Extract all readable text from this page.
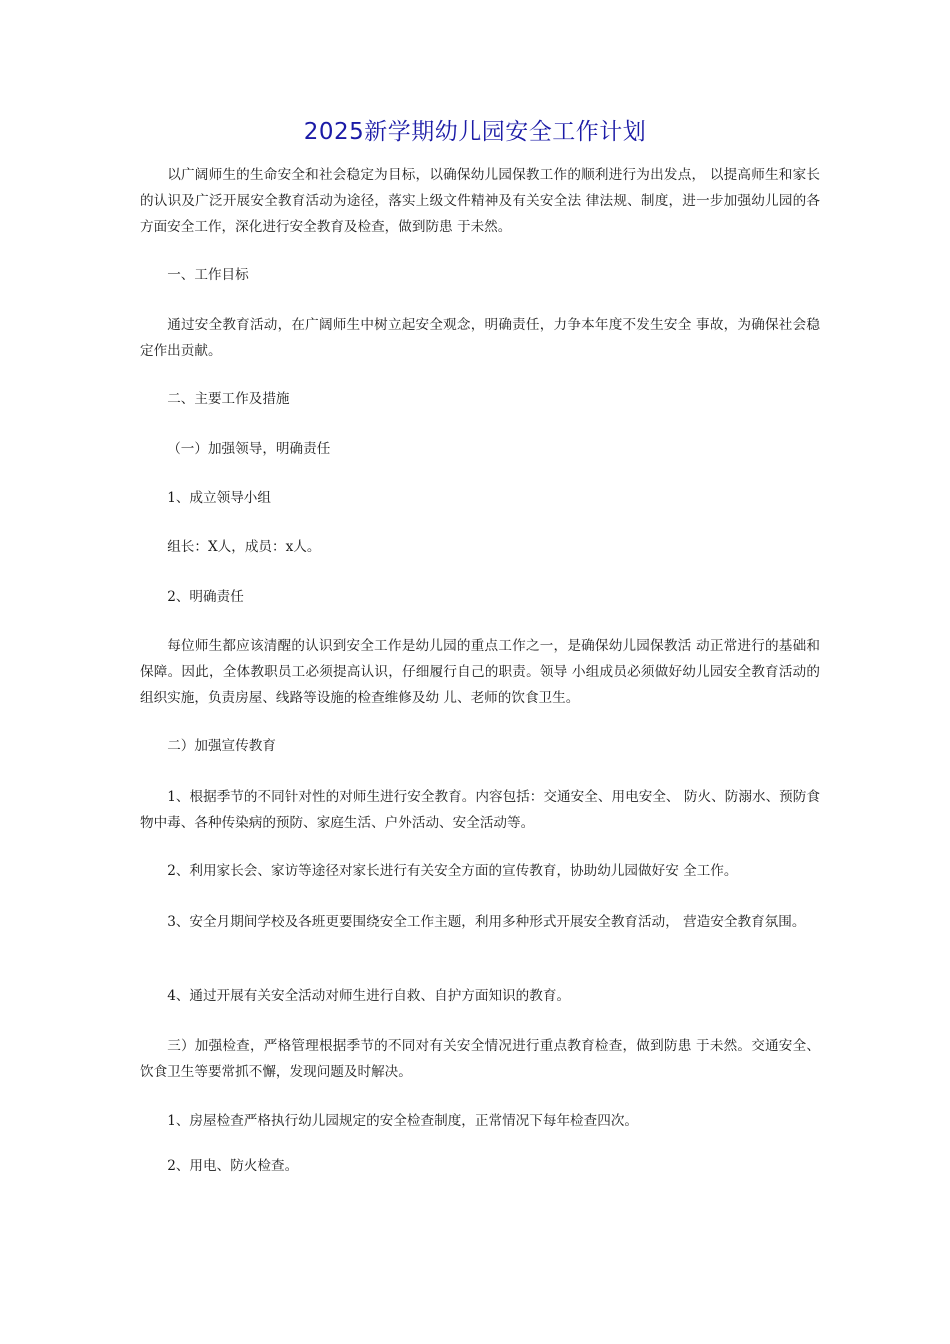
2025新学期幼儿园安全工作计划

以广阔师生的生命安全和社会稳定为目标，以确保幼儿园保教工作的顺利进行为出发点， 以提高师生和家长的认识及广泛开展安全教育活动为途径，落实上级文件精神及有关安全法 律法规、制度，进一步加强幼儿园的各方面安全工作，深化进行安全教育及检查，做到防患 于未然。

一、工作目标

通过安全教育活动，在广阔师生中树立起安全观念，明确责任，力争本年度不发生安全 事故，为确保社会稳定作出贡献。

二、主要工作及措施

（一）加强领导，明确责任

1、成立领导小组

组长：X人，成员：x人。

2、明确责任

每位师生都应该清醒的认识到安全工作是幼儿园的重点工作之一，是确保幼儿园保教活 动正常进行的基础和保障。因此，全体教职员工必须提高认识，仔细履行自己的职责。领导 小组成员必须做好幼儿园安全教育活动的组织实施，负责房屋、线路等设施的检查维修及幼 儿、老师的饮食卫生。

二）加强宣传教育

1、根据季节的不同针对性的对师生进行安全教育。内容包括：交通安全、用电安全、 防火、防溺水、预防食物中毒、各种传染病的预防、家庭生活、户外活动、安全活动等。

2、利用家长会、家访等途径对家长进行有关安全方面的宣传教育，协助幼儿园做好安 全工作。

3、安全月期间学校及各班更要围绕安全工作主题，利用多种形式开展安全教育活动， 营造安全教育氛围。

4、通过开展有关安全活动对师生进行自救、自护方面知识的教育。

三）加强检查，严格管理根据季节的不同对有关安全情况进行重点教育检查，做到防患 于未然。交通安全、饮食卫生等要常抓不懈，发现问题及时解决。

1、房屋检查严格执行幼儿园规定的安全检查制度，正常情况下每年检查四次。

2、用电、防火检查。
